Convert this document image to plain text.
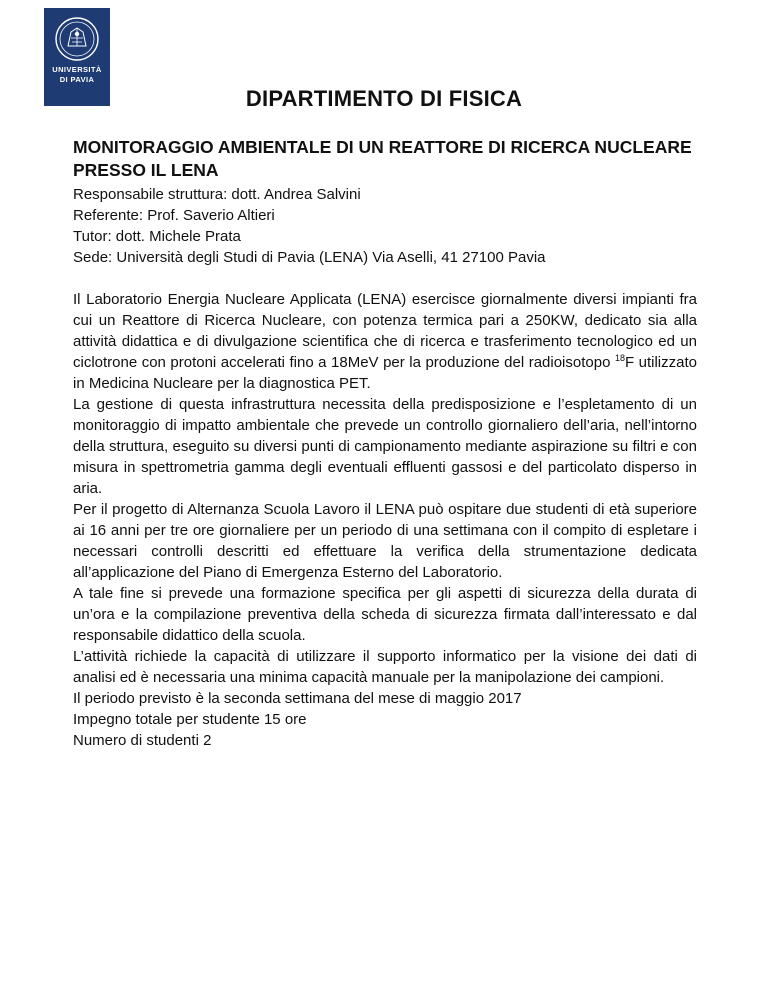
UNIVERSITÀ
DI PAVIA
DIPARTIMENTO DI FISICA
MONITORAGGIO AMBIENTALE DI UN REATTORE DI RICERCA NUCLEARE PRESSO IL LENA
Responsabile struttura: dott. Andrea Salvini
Referente: Prof. Saverio Altieri
Tutor: dott. Michele Prata
Sede: Università degli Studi di Pavia (LENA) Via Aselli, 41 27100 Pavia

Il Laboratorio Energia Nucleare Applicata (LENA) esercisce giornalmente diversi impianti fra cui un Reattore di Ricerca Nucleare, con potenza termica pari a 250KW, dedicato sia alla attività didattica e di divulgazione scientifica che di ricerca e trasferimento tecnologico ed un ciclotrone con protoni accelerati fino a 18MeV per la produzione del radioisotopo $^{18}$F utilizzato in Medicina Nucleare per la diagnostica PET.

La gestione di questa infrastruttura necessita della predisposizione e l’espletamento di un monitoraggio di impatto ambientale che prevede un controllo giornaliero dell’aria, nell’intorno della struttura, eseguito su diversi punti di campionamento mediante aspirazione su filtri e con misura in spettrometria gamma degli eventuali effluenti gassosi e del particolato disperso in aria.

Per il progetto di Alternanza Scuola Lavoro il LENA può ospitare due studenti di età superiore ai 16 anni per tre ore giornaliere per un periodo di una settimana con il compito di espletare i necessari controlli descritti ed effettuare la verifica della strumentazione dedicata all’applicazione del Piano di Emergenza Esterno del Laboratorio.

A tale fine si prevede una formazione specifica per gli aspetti di sicurezza della durata di un’ora e la compilazione preventiva della scheda di sicurezza firmata dall’interessato e dal responsabile didattico della scuola.

L’attività richiede la capacità di utilizzare il supporto informatico per la visione dei dati di analisi ed è necessaria una minima capacità manuale per la manipolazione dei campioni.

Il periodo previsto è la seconda settimana del mese di maggio 2017
Impegno totale per studente 15 ore
Numero di studenti 2
